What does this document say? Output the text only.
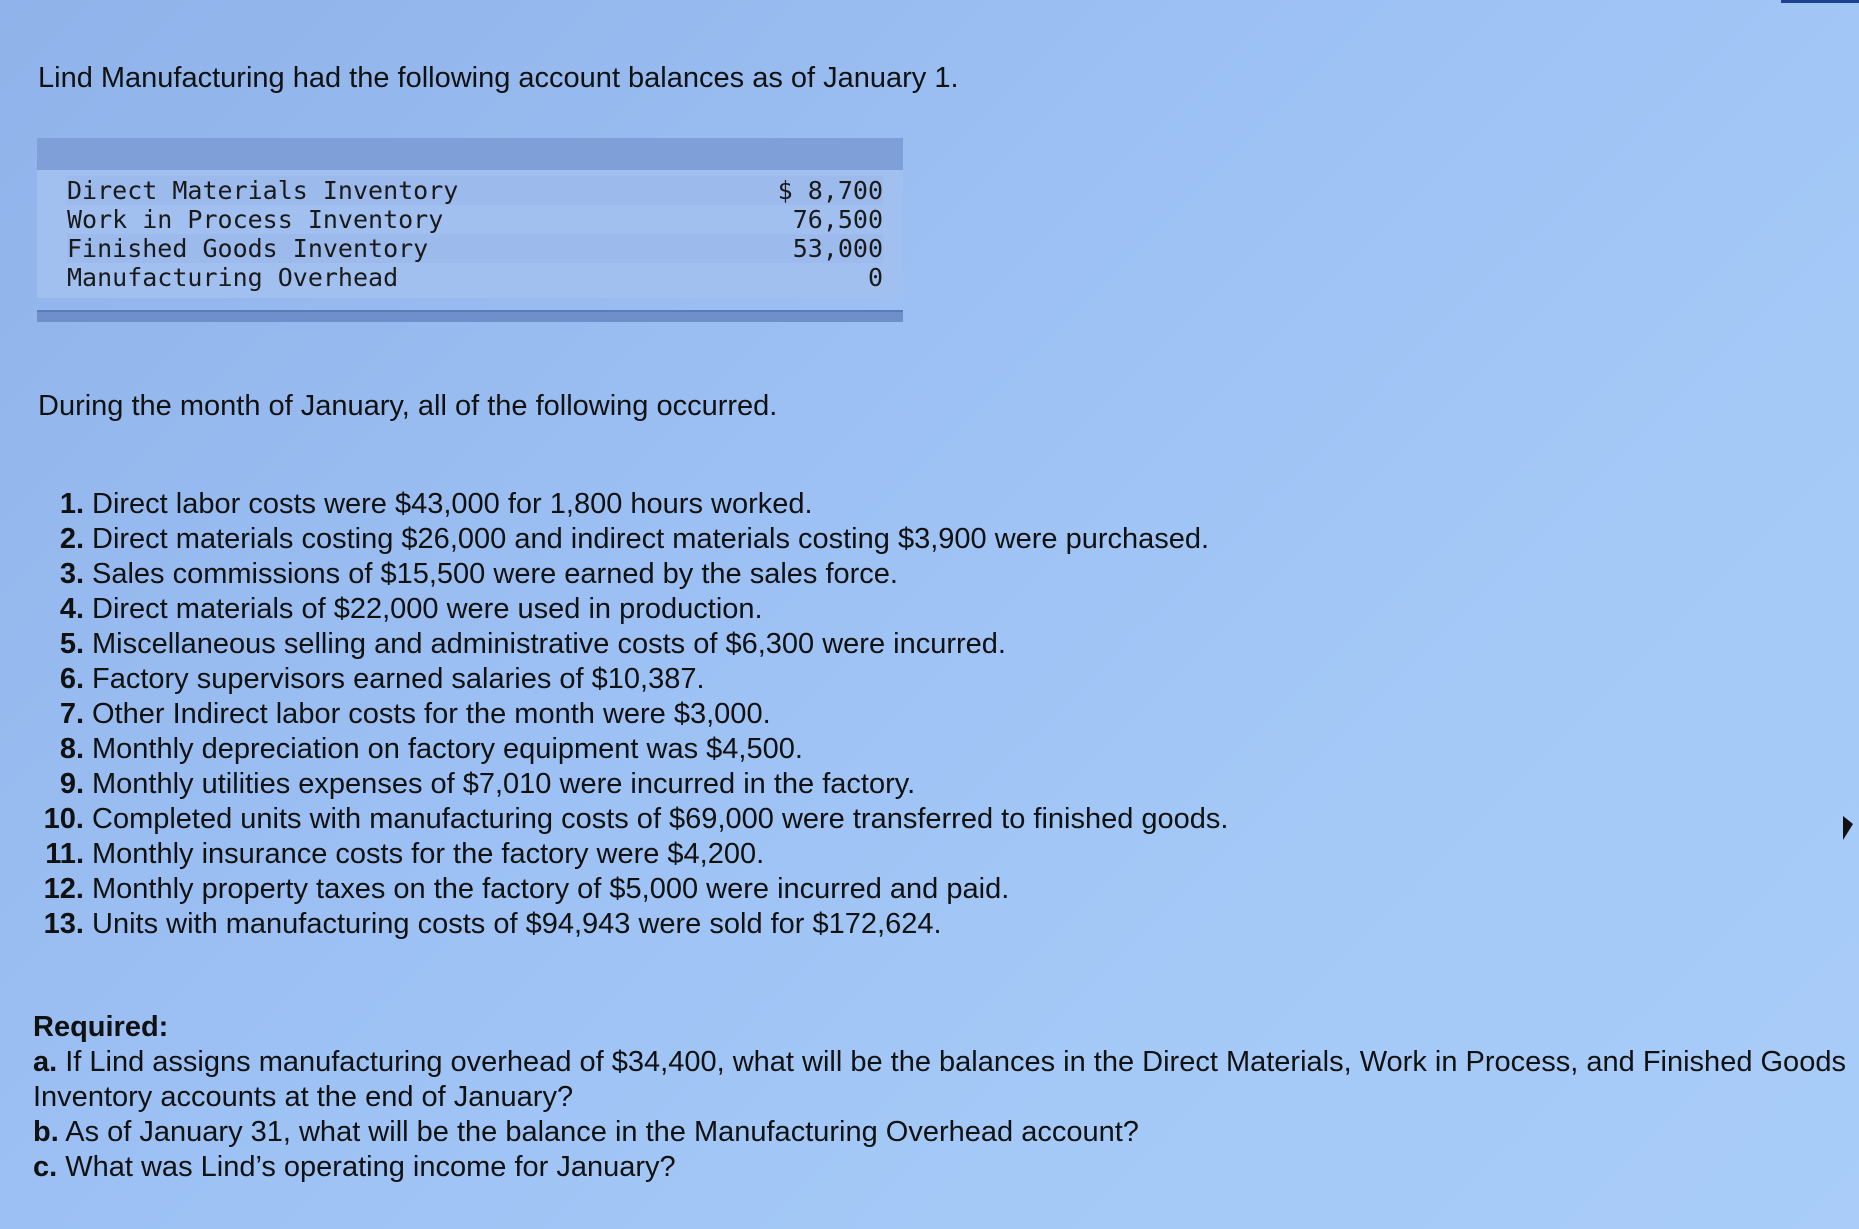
Lind Manufacturing had the following account balances as of January 1.

Direct Materials Inventory	$ 8,700
Work in Process Inventory	76,500
Finished Goods Inventory	53,000
Manufacturing Overhead	0

During the month of January, all of the following occurred.

1. Direct labor costs were $43,000 for 1,800 hours worked.
2. Direct materials costing $26,000 and indirect materials costing $3,900 were purchased.
3. Sales commissions of $15,500 were earned by the sales force.
4. Direct materials of $22,000 were used in production.
5. Miscellaneous selling and administrative costs of $6,300 were incurred.
6. Factory supervisors earned salaries of $10,387.
7. Other Indirect labor costs for the month were $3,000.
8. Monthly depreciation on factory equipment was $4,500.
9. Monthly utilities expenses of $7,010 were incurred in the factory.
10. Completed units with manufacturing costs of $69,000 were transferred to finished goods.
11. Monthly insurance costs for the factory were $4,200.
12. Monthly property taxes on the factory of $5,000 were incurred and paid.
13. Units with manufacturing costs of $94,943 were sold for $172,624.
Required:
a. If Lind assigns manufacturing overhead of $34,400, what will be the balances in the Direct Materials, Work in Process, and Finished Goods Inventory accounts at the end of January?
b. As of January 31, what will be the balance in the Manufacturing Overhead account?
c. What was Lind’s operating income for January?
